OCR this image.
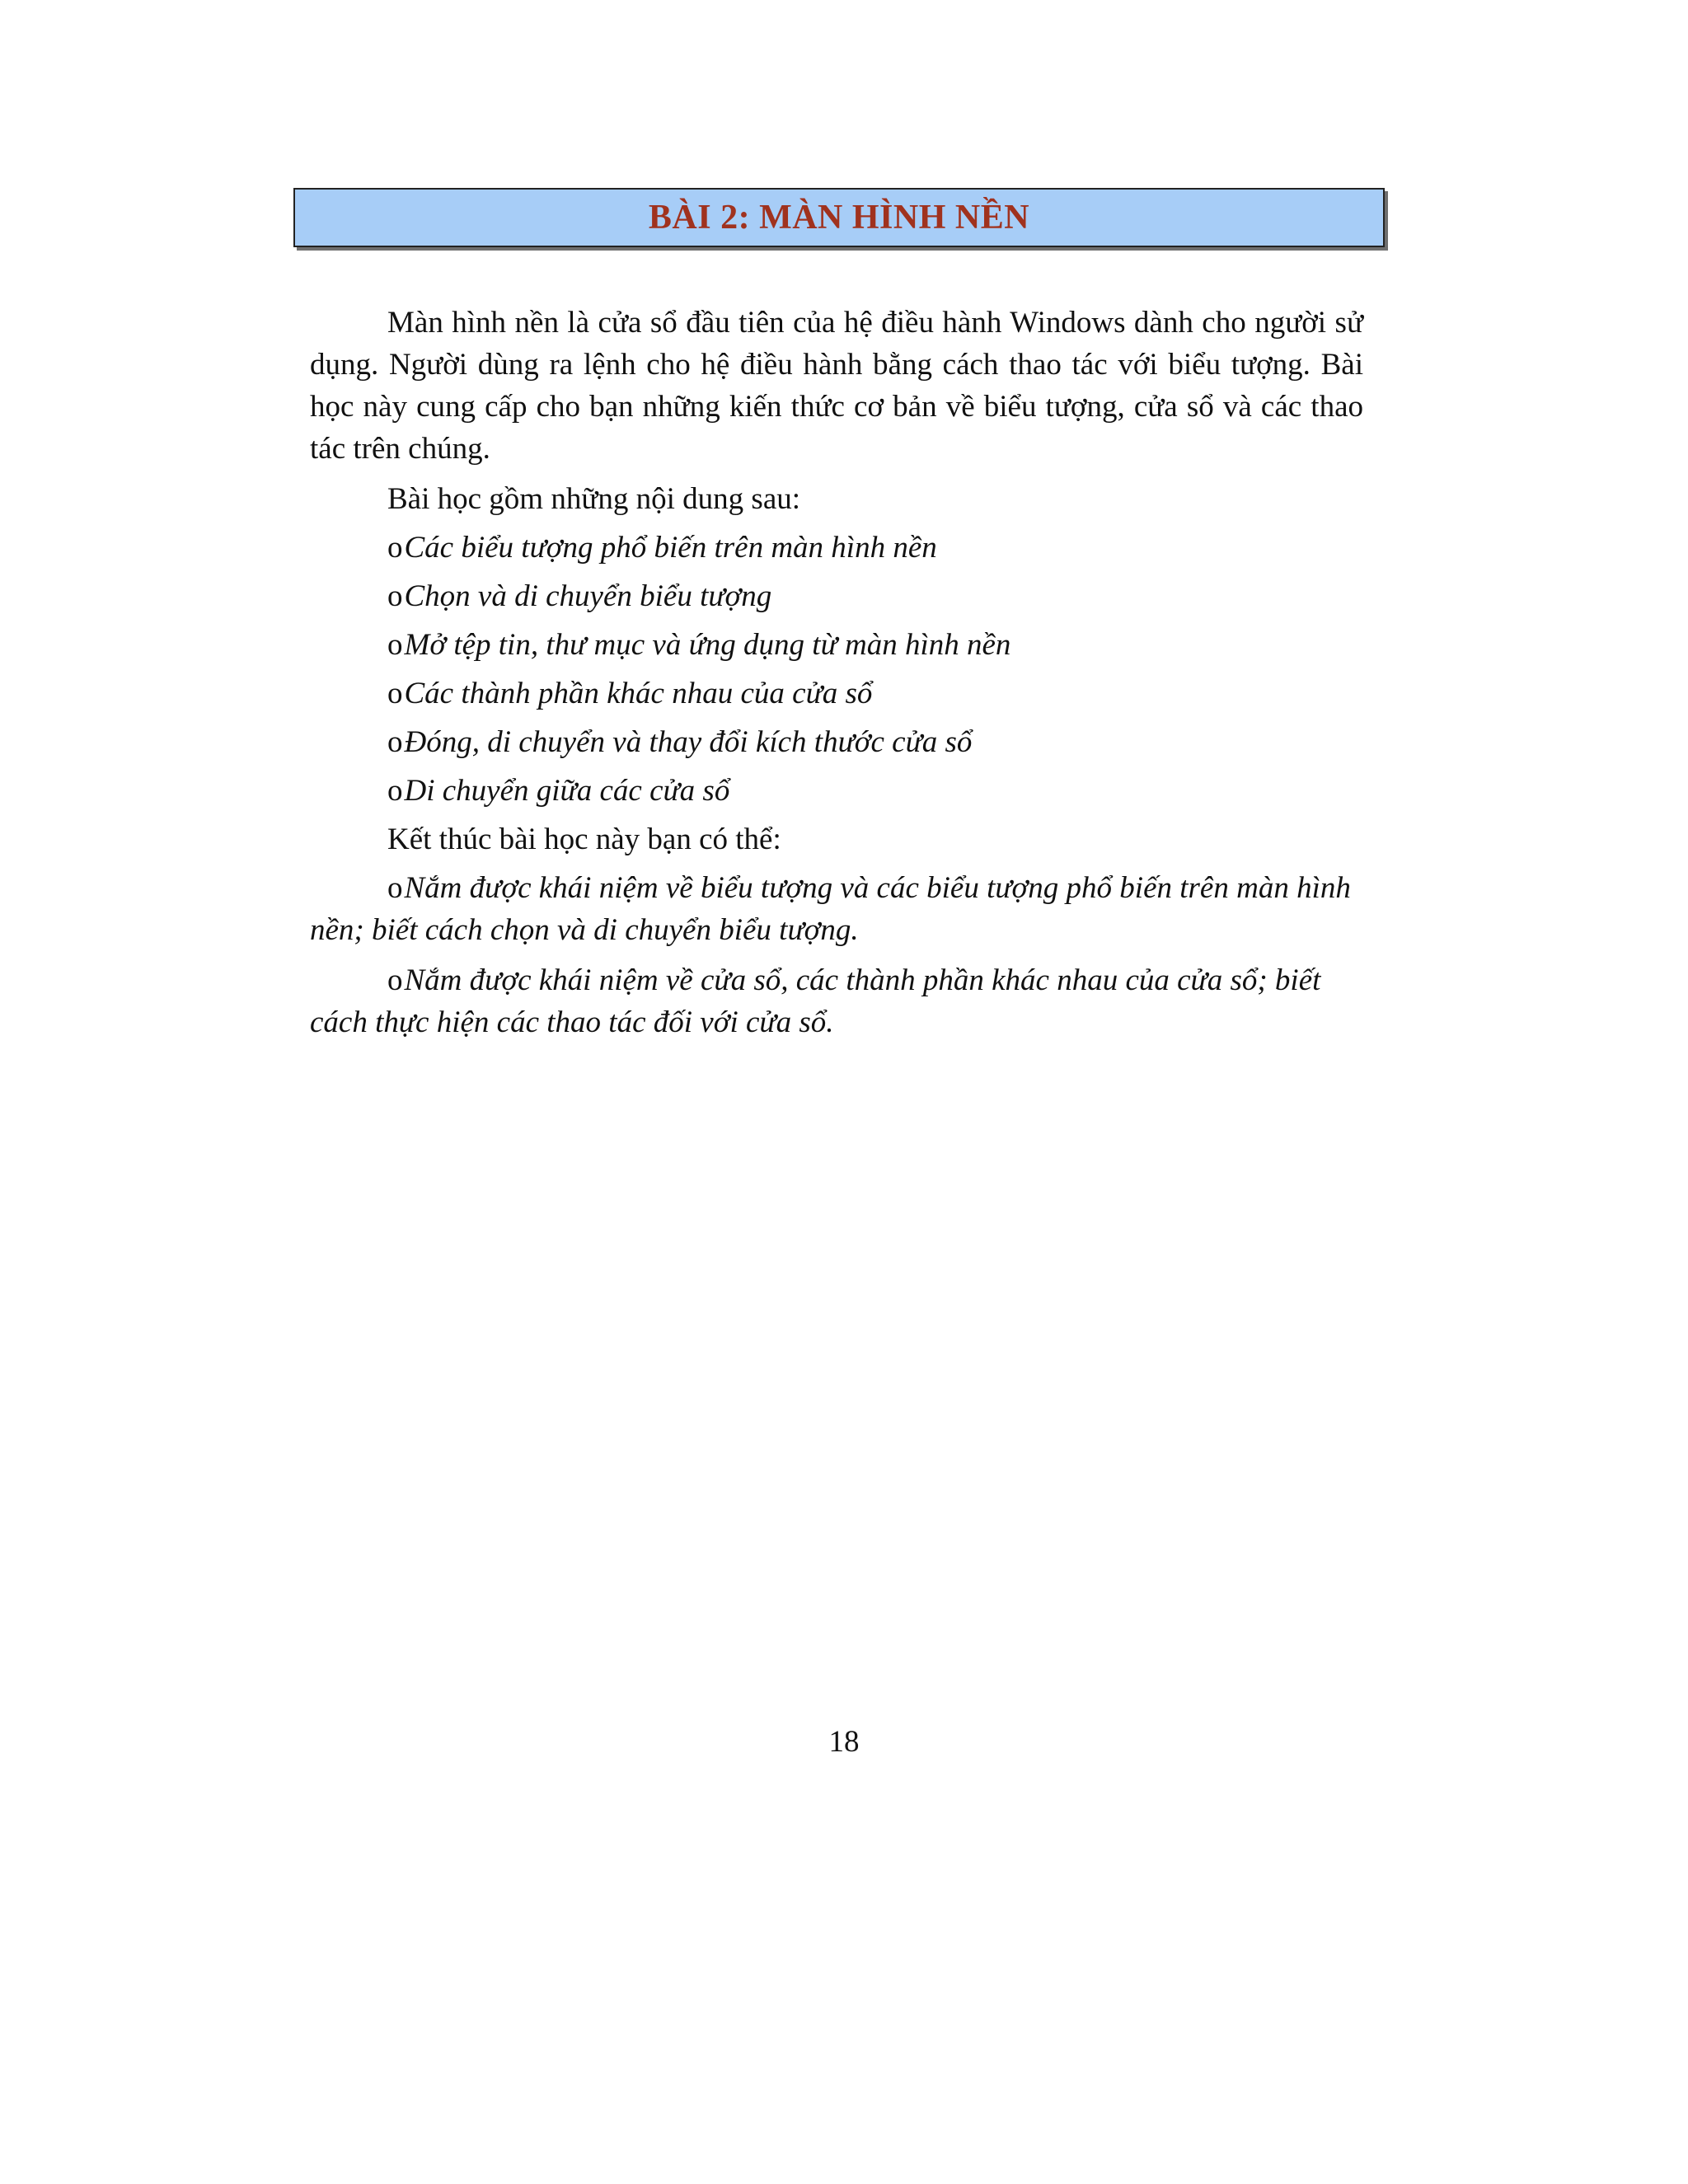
BÀI 2: MÀN HÌNH NỀN

Màn hình nền là cửa sổ đầu tiên của hệ điều hành Windows dành cho người sử dụng. Người dùng ra lệnh cho hệ điều hành bằng cách thao tác với biểu tượng. Bài học này cung cấp cho bạn những kiến thức cơ bản về biểu tượng, cửa sổ và các thao tác trên chúng.

Bài học gồm những nội dung sau:

oCác biểu tượng phổ biến trên màn hình nền

oChọn và di chuyển biểu tượng

oMở tệp tin, thư mục và ứng dụng từ màn hình nền

oCác thành phần khác nhau của cửa sổ

oĐóng, di chuyển và thay đổi kích thước cửa sổ

oDi chuyển giữa các cửa sổ

Kết thúc bài học này bạn có thể:

oNắm được khái niệm về biểu tượng và các biểu tượng phổ biến trên màn hình nền; biết cách chọn và di chuyển biểu tượng.

oNắm được khái niệm về cửa sổ, các thành phần khác nhau của cửa sổ; biết cách thực hiện các thao tác đối với cửa sổ.

18
